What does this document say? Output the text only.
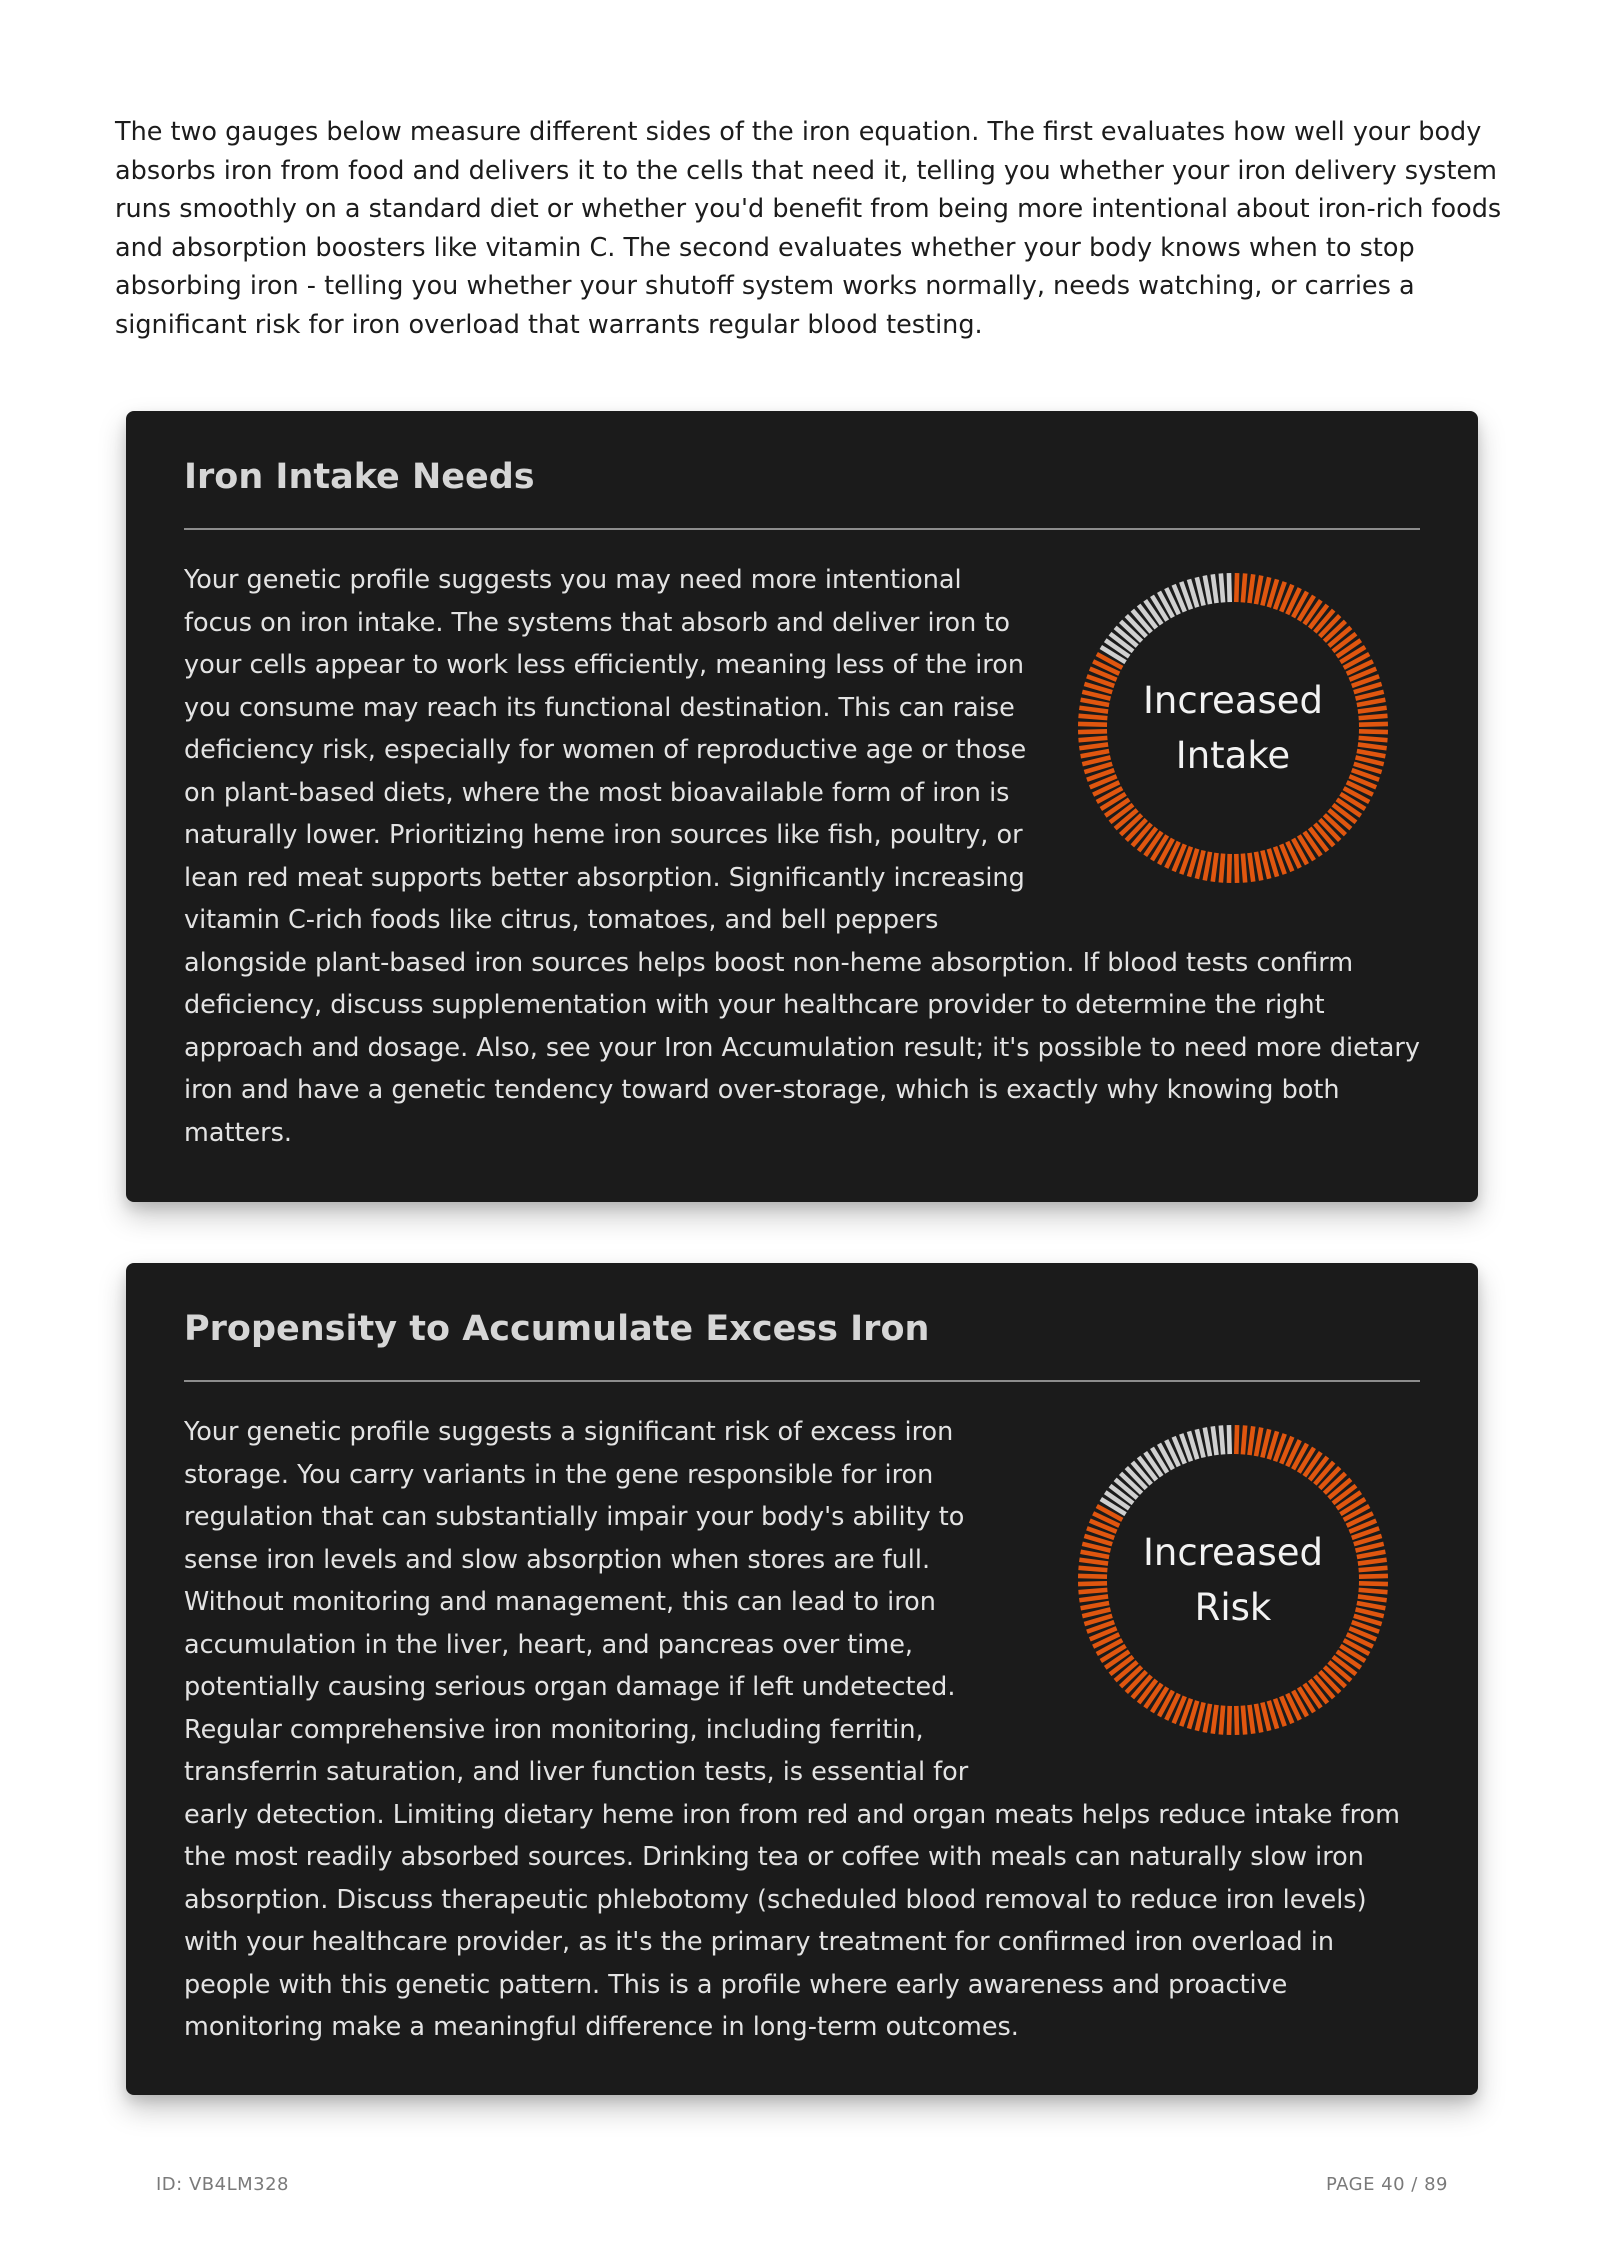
The two gauges below measure different sides of the iron equation. The first evaluates how well your body absorbs iron from food and delivers it to the cells that need it, telling you whether your iron delivery system runs smoothly on a standard diet or whether you'd benefit from being more intentional about iron-rich foods and absorption boosters like vitamin C. The second evaluates whether your body knows when to stop absorbing iron - telling you whether your shutoff system works normally, needs watching, or carries a significant risk for iron overload that warrants regular blood testing.

Iron Intake Needs
Increased
Intake

Your genetic profile suggests you may need more intentional focus on iron intake. The systems that absorb and deliver iron to your cells appear to work less efficiently, meaning less of the iron you consume may reach its functional destination. This can raise deficiency risk, especially for women of reproductive age or those on plant-based diets, where the most bioavailable form of iron is naturally lower. Prioritizing heme iron sources like fish, poultry, or lean red meat supports better absorption. Significantly increasing vitamin C-rich foods like citrus, tomatoes, and bell peppers alongside plant-based iron sources helps boost non-heme absorption. If blood tests confirm deficiency, discuss supplementation with your healthcare provider to determine the right approach and dosage. Also, see your Iron Accumulation result; it's possible to need more dietary iron and have a genetic tendency toward over-storage, which is exactly why knowing both matters.

Propensity to Accumulate Excess Iron
Increased
Risk

Your genetic profile suggests a significant risk of excess iron storage. You carry variants in the gene responsible for iron regulation that can substantially impair your body's ability to sense iron levels and slow absorption when stores are full. Without monitoring and management, this can lead to iron accumulation in the liver, heart, and pancreas over time, potentially causing serious organ damage if left undetected. Regular comprehensive iron monitoring, including ferritin, transferrin saturation, and liver function tests, is essential for early detection. Limiting dietary heme iron from red and organ meats helps reduce intake from the most readily absorbed sources. Drinking tea or coffee with meals can naturally slow iron absorption. Discuss therapeutic phlebotomy (scheduled blood removal to reduce iron levels) with your healthcare provider, as it's the primary treatment for confirmed iron overload in people with this genetic pattern. This is a profile where early awareness and proactive monitoring make a meaningful difference in long-term outcomes.

ID: VB4LM328	PAGE 40 / 89
